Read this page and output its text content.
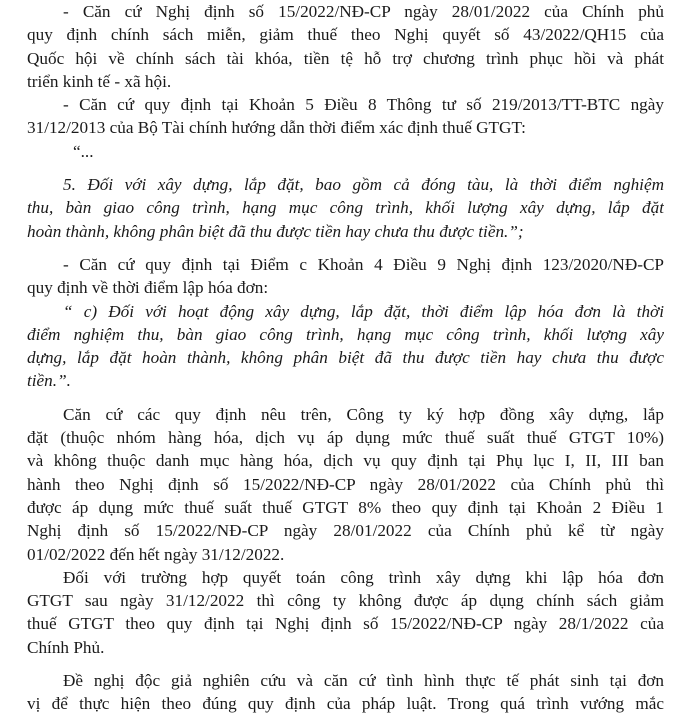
- Căn cứ Nghị định số 15/2022/NĐ-CP ngày 28/01/2022 của Chính phủ
quy định chính sách miễn, giảm thuế theo Nghị quyết số 43/2022/QH15 của
Quốc hội về chính sách tài khóa, tiền tệ hỗ trợ chương trình phục hồi và phát
triển kinh tế - xã hội.
- Căn cứ quy định tại Khoản 5 Điều 8 Thông tư số 219/2013/TT-BTC ngày
31/12/2013 của Bộ Tài chính hướng dẫn thời điểm xác định thuế GTGT:
“...
5. Đối với xây dựng, lắp đặt, bao gồm cả đóng tàu, là thời điểm nghiệm
thu, bàn giao công trình, hạng mục công trình, khối lượng xây dựng, lắp đặt
hoàn thành, không phân biệt đã thu được tiền hay chưa thu được tiền.”;
- Căn cứ quy định tại Điểm c Khoản 4 Điều 9 Nghị định 123/2020/NĐ-CP
quy định về thời điểm lập hóa đơn:
“ c) Đối với hoạt động xây dựng, lắp đặt, thời điểm lập hóa đơn là thời
điểm nghiệm thu, bàn giao công trình, hạng mục công trình, khối lượng xây
dựng, lắp đặt hoàn thành, không phân biệt đã thu được tiền hay chưa thu được
tiền.”.
Căn cứ các quy định nêu trên, Công ty ký hợp đồng xây dựng, lắp
đặt (thuộc nhóm hàng hóa, dịch vụ áp dụng mức thuế suất thuế GTGT 10%)
và không thuộc danh mục hàng hóa, dịch vụ quy định tại Phụ lục I, II, III ban
hành theo Nghị định số 15/2022/NĐ-CP ngày 28/01/2022 của Chính phủ thì
được áp dụng mức thuế suất thuế GTGT 8% theo quy định tại Khoản 2 Điều 1
Nghị định số 15/2022/NĐ-CP ngày 28/01/2022 của Chính phủ kể từ ngày
01/02/2022 đến hết ngày 31/12/2022.
Đối với trường hợp quyết toán công trình xây dựng khi lập hóa đơn
GTGT sau ngày 31/12/2022 thì công ty không được áp dụng chính sách giảm
thuế GTGT theo quy định tại Nghị định số 15/2022/NĐ-CP ngày 28/1/2022 của
Chính Phủ.
Đề nghị độc giả nghiên cứu và căn cứ tình hình thực tế phát sinh tại đơn
vị để thực hiện theo đúng quy định của pháp luật. Trong quá trình vướng mắc
